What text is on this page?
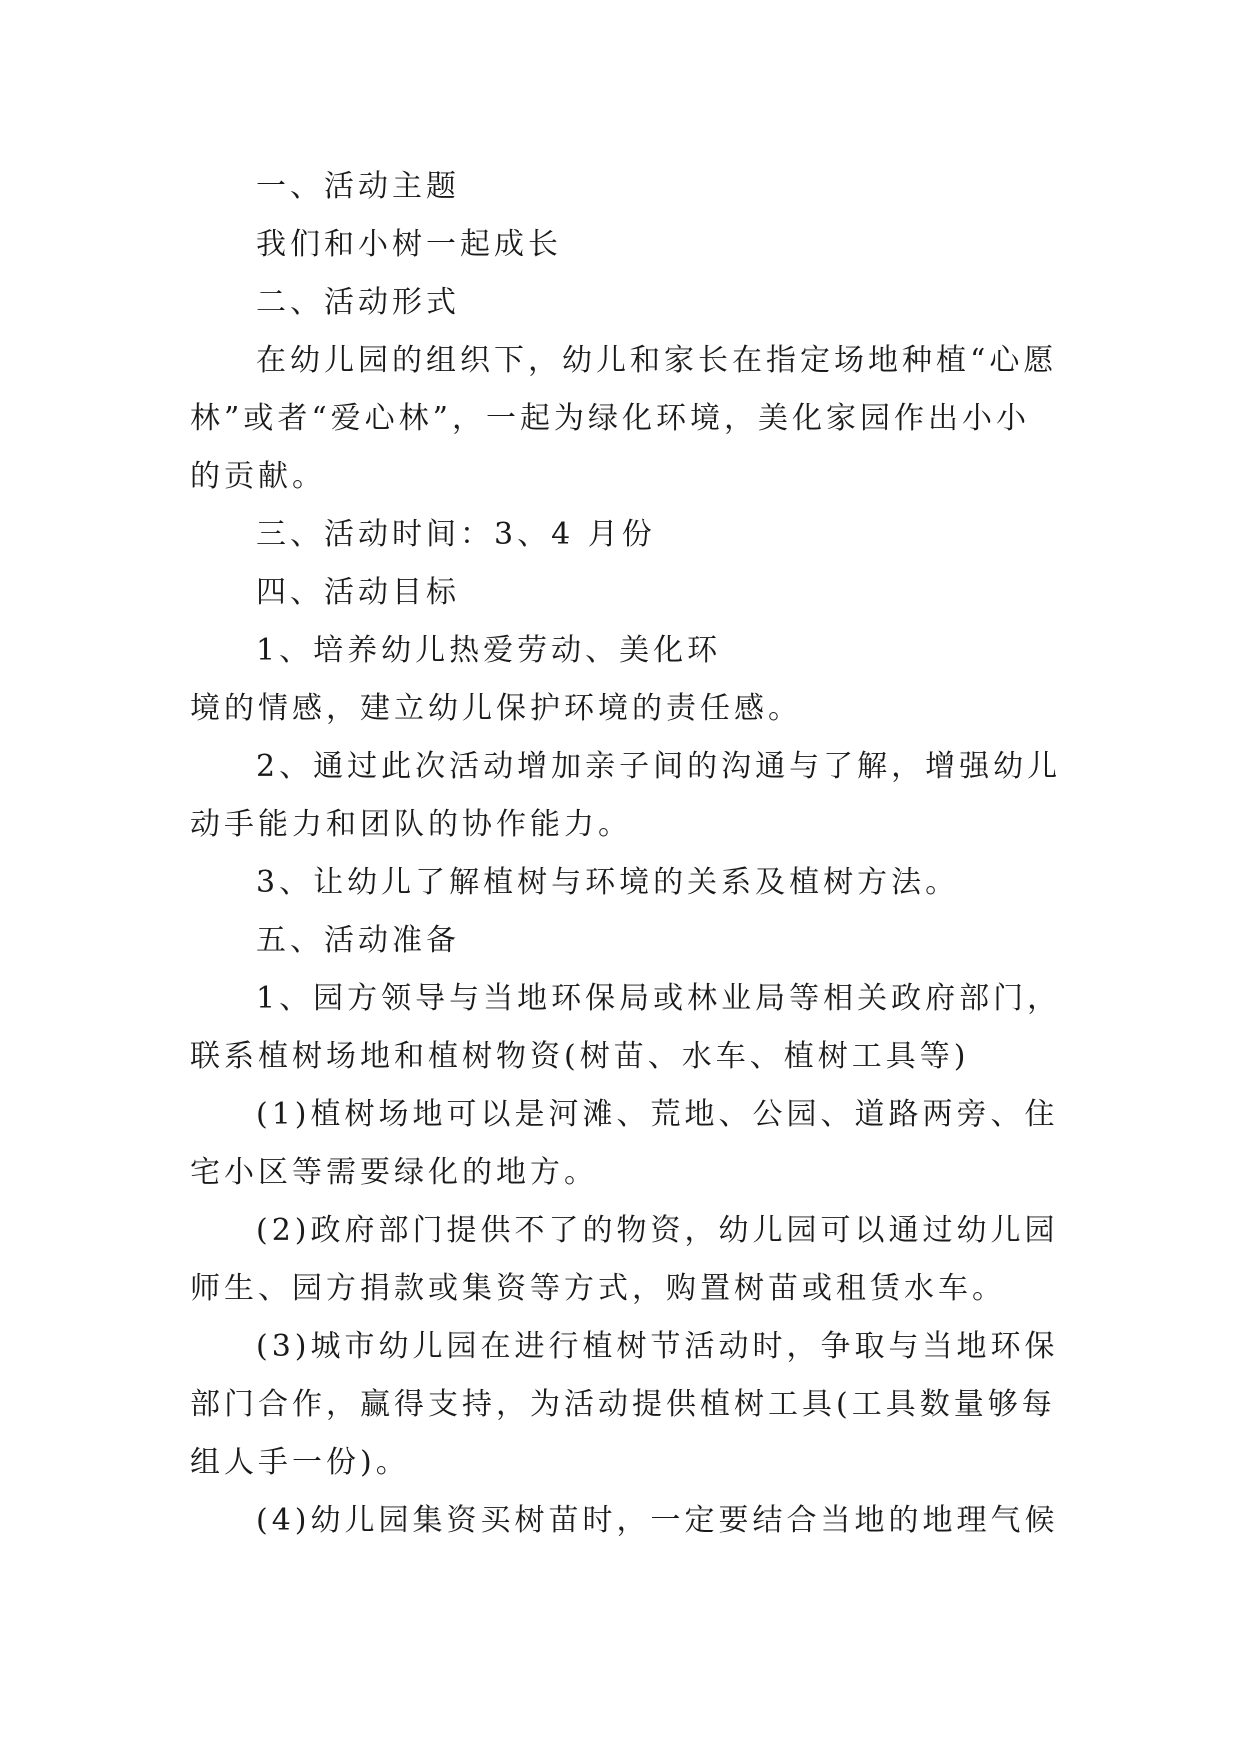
一、活动主题

我们和小树一起成长

二、活动形式

在幼儿园的组织下，幼儿和家长在指定场地种植“心愿

林”或者“爱心林”，一起为绿化环境，美化家园作出小小

的贡献。

三、活动时间：3、4 月份

四、活动目标

1、培养幼儿热爱劳动、美化环

境的情感，建立幼儿保护环境的责任感。

2、通过此次活动增加亲子间的沟通与了解，增强幼儿

动手能力和团队的协作能力。

3、让幼儿了解植树与环境的关系及植树方法。

五、活动准备

1、园方领导与当地环保局或林业局等相关政府部门，

联系植树场地和植树物资(树苗、水车、植树工具等)

(1)植树场地可以是河滩、荒地、公园、道路两旁、住

宅小区等需要绿化的地方。

(2)政府部门提供不了的物资，幼儿园可以通过幼儿园

师生、园方捐款或集资等方式，购置树苗或租赁水车。

(3)城市幼儿园在进行植树节活动时，争取与当地环保

部门合作，赢得支持，为活动提供植树工具(工具数量够每

组人手一份)。

(4)幼儿园集资买树苗时，一定要结合当地的地理气候
